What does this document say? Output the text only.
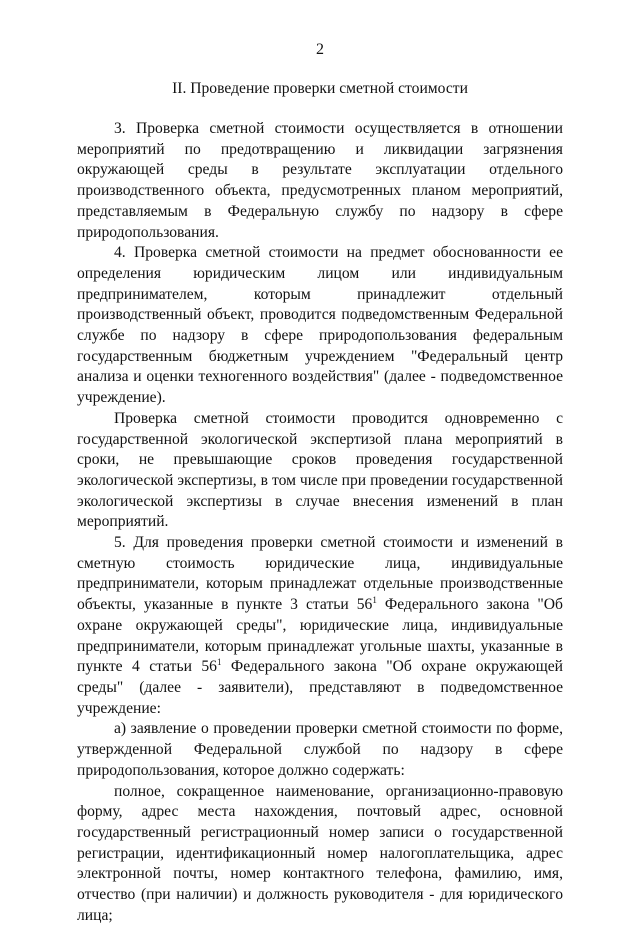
2
II. Проведение проверки сметной стоимости

3. Проверка сметной стоимости осуществляется в отношении мероприятий по предотвращению и ликвидации загрязнения окружающей среды в результате эксплуатации отдельного производственного объекта, предусмотренных планом мероприятий, представляемым в Федеральную службу по надзору в сфере природопользования.

4. Проверка сметной стоимости на предмет обоснованности ее определения юридическим лицом или индивидуальным предпринимателем, которым принадлежит отдельный производственный объект, проводится подведомственным Федеральной службе по надзору в сфере природопользования федеральным государственным бюджетным учреждением "Федеральный центр анализа и оценки техногенного воздействия" (далее - подведомственное учреждение).

Проверка сметной стоимости проводится одновременно с государственной экологической экспертизой плана мероприятий в сроки, не превышающие сроков проведения государственной экологической экспертизы, в том числе при проведении государственной экологической экспертизы в случае внесения изменений в план мероприятий.

5. Для проведения проверки сметной стоимости и изменений в сметную стоимость юридические лица, индивидуальные предприниматели, которым принадлежат отдельные производственные объекты, указанные в пункте 3 статьи $56^1$ Федерального закона "Об охране окружающей среды", юридические лица, индивидуальные предприниматели, которым принадлежат угольные шахты, указанные в пункте 4 статьи $56^1$ Федерального закона "Об охране окружающей среды" (далее - заявители), представляют в подведомственное учреждение:

а) заявление о проведении проверки сметной стоимости по форме, утвержденной Федеральной службой по надзору в сфере природопользования, которое должно содержать:

полное, сокращенное наименование, организационно-правовую форму, адрес места нахождения, почтовый адрес, основной государственный регистрационный номер записи о государственной регистрации, идентификационный номер налогоплательщика, адрес электронной почты, номер контактного телефона, фамилию, имя, отчество (при наличии) и должность руководителя - для юридического лица;
